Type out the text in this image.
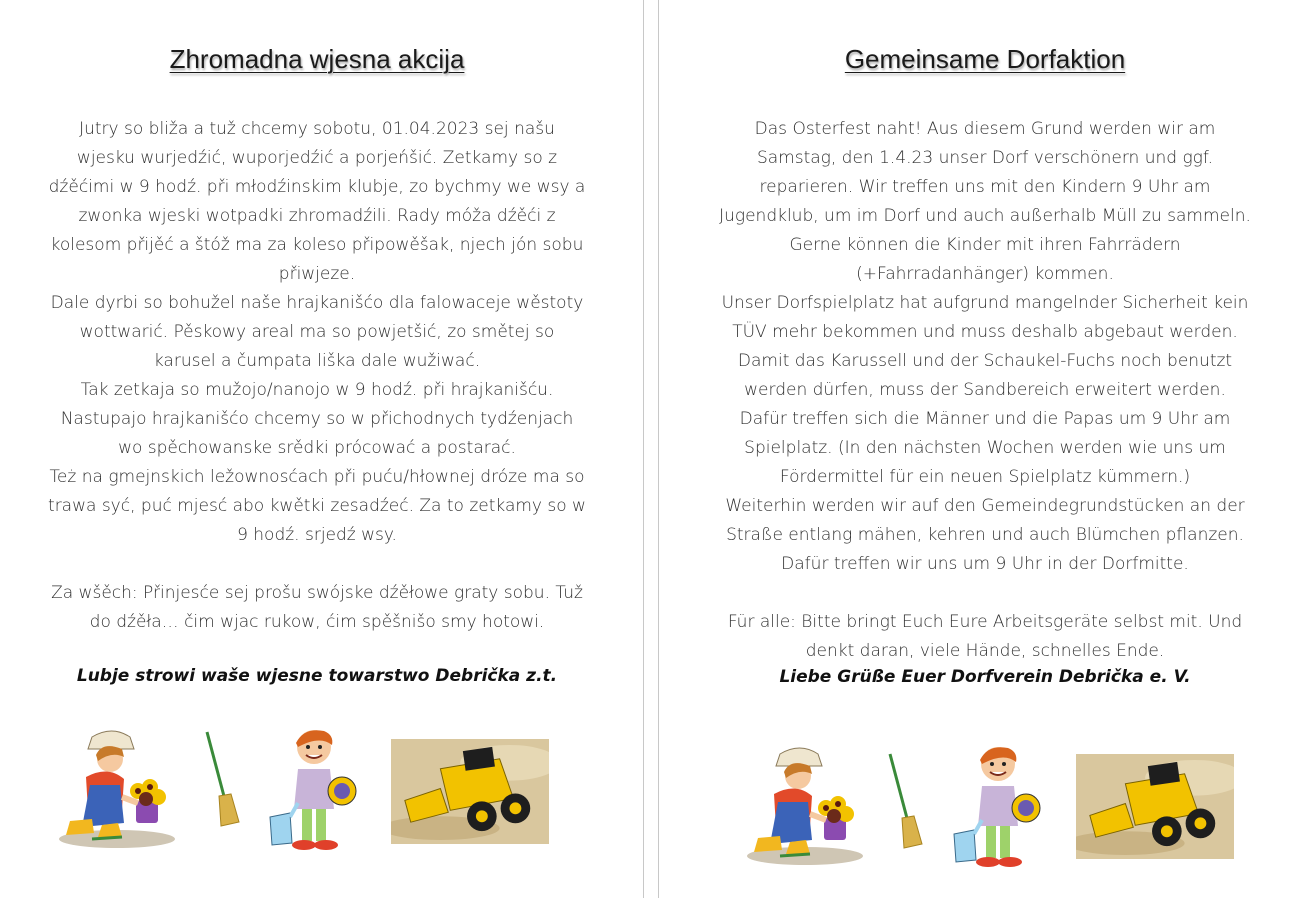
Zhromadna wjesna akcija

Jutry so bliža a tuž chcemy sobotu, 01.04.2023 sej našu wjesku wurjedźić, wuporjedźić a porjeńšić. Zetkamy so z dźěćimi w 9 hodź. při młodźinskim klubje, zo bychmy we wsy a zwonka wjeski wotpadki zhromadźili. Rady móža dźěći z kolesom přijěć a štóž ma za koleso připowěšak, njech jón sobu přiwjeze.

Dale dyrbi so bohužel naše hrajkanišćo dla falowaceje wěstoty wottwarić. Pěskowy areal ma so powjetšić, zo smětej so karusel a čumpata liška dale wužiwać.

Tak zetkaja so mužojo/nanojo w 9 hodź. při hrajkanišću. Nastupajo hrajkanišćo chcemy so w přichodnych tydźenjach wo spěchowanske srědki prócować a postarać.

Też na gmejnskich ležownosćach při puću/hłownej dróze ma so trawa syć, puć mjesć abo kwětki zesadźeć. Za to zetkamy so w 9 hodź. srjedź wsy.

Za wšěch: Přinjesće sej prošu swójske dźěłowe graty sobu. Tuž do dźěła… čim wjac rukow, ćim spěšnišo smy hotowi.

Lubje strowi waše wjesne towarstwo Debrička z.t.
Gemeinsame Dorfaktion

Das Osterfest naht! Aus diesem Grund werden wir am Samstag, den 1.4.23 unser Dorf verschönern und ggf. reparieren. Wir treffen uns mit den Kindern 9 Uhr am Jugendklub, um im Dorf und auch außerhalb Müll zu sammeln. Gerne können die Kinder mit ihren Fahrrädern (+Fahrradanhänger) kommen.

Unser Dorfspielplatz hat aufgrund mangelnder Sicherheit kein TÜV mehr bekommen und muss deshalb abgebaut werden. Damit das Karussell und der Schaukel-Fuchs noch benutzt werden dürfen, muss der Sandbereich erweitert werden.

Dafür treffen sich die Männer und die Papas um 9 Uhr am Spielplatz. (In den nächsten Wochen werden wie uns um Fördermittel für ein neuen Spielplatz kümmern.)

Weiterhin werden wir auf den Gemeindegrundstücken an der Straße entlang mähen, kehren und auch Blümchen pflanzen. Dafür treffen wir uns um 9 Uhr in der Dorfmitte.

Für alle: Bitte bringt Euch Eure Arbeitsgeräte selbst mit. Und denkt daran, viele Hände, schnelles Ende.

Liebe Grüße Euer Dorfverein Debrička e. V.
